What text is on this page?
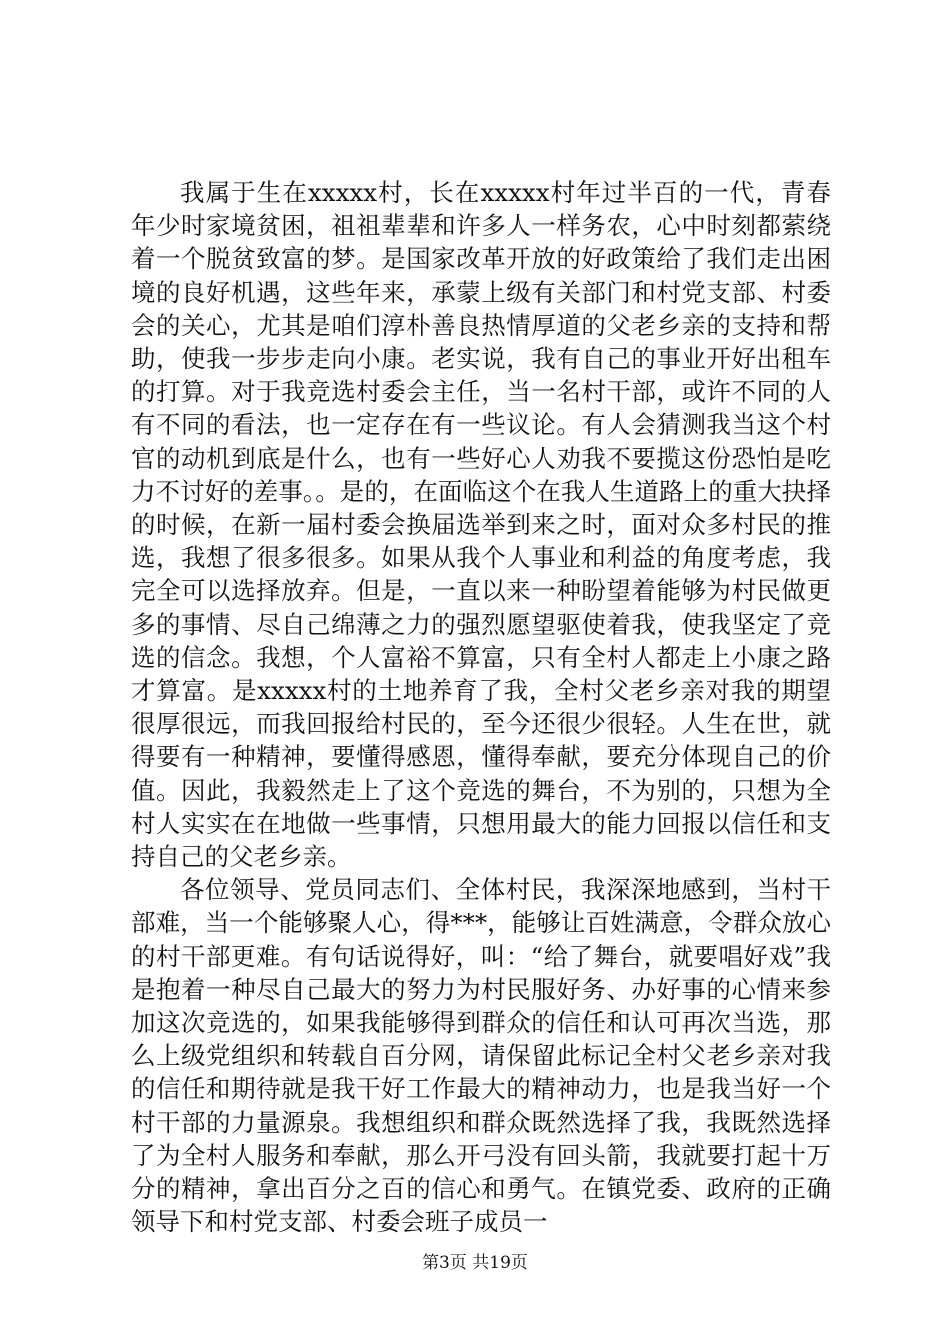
我属于生在xxxxx村，长在xxxxx村年过半百的一代，青春年少时家境贫困，祖祖辈辈和许多人一样务农，心中时刻都萦绕着一个脱贫致富的梦。是国家改革开放的好政策给了我们走出困境的良好机遇，这些年来，承蒙上级有关部门和村党支部、村委会的关心，尤其是咱们淳朴善良热情厚道的父老乡亲的支持和帮助，使我一步步走向小康。老实说，我有自己的事业开好出租车的打算。对于我竞选村委会主任，当一名村干部，或许不同的人有不同的看法，也一定存在有一些议论。有人会猜测我当这个村官的动机到底是什么，也有一些好心人劝我不要揽这份恐怕是吃力不讨好的差事。。是的，在面临这个在我人生道路上的重大抉择的时候，在新一届村委会换届选举到来之时，面对众多村民的推选，我想了很多很多。如果从我个人事业和利益的角度考虑，我完全可以选择放弃。但是，一直以来一种盼望着能够为村民做更多的事情、尽自己绵薄之力的强烈愿望驱使着我，使我坚定了竞选的信念。我想，个人富裕不算富，只有全村人都走上小康之路才算富。是xxxxx村的土地养育了我，全村父老乡亲对我的期望很厚很远，而我回报给村民的，至今还很少很轻。人生在世，就得要有一种精神，要懂得感恩，懂得奉献，要充分体现自己的价值。因此，我毅然走上了这个竞选的舞台，不为别的，只想为全村人实实在在地做一些事情，只想用最大的能力回报以信任和支持自己的父老乡亲。

各位领导、党员同志们、全体村民，我深深地感到，当村干部难，当一个能够聚人心，得***，能够让百姓满意，令群众放心的村干部更难。有句话说得好，叫：“给了舞台，就要唱好戏”我是抱着一种尽自己最大的努力为村民服好务、办好事的心情来参加这次竞选的，如果我能够得到群众的信任和认可再次当选，那么上级党组织和转载自百分网，请保留此标记全村父老乡亲对我的信任和期待就是我干好工作最大的精神动力，也是我当好一个村干部的力量源泉。我想组织和群众既然选择了我，我既然选择了为全村人服务和奉献，那么开弓没有回头箭，我就要打起十万分的精神，拿出百分之百的信心和勇气。在镇党委、政府的正确领导下和村党支部、村委会班子成员一

第3页 共19页
